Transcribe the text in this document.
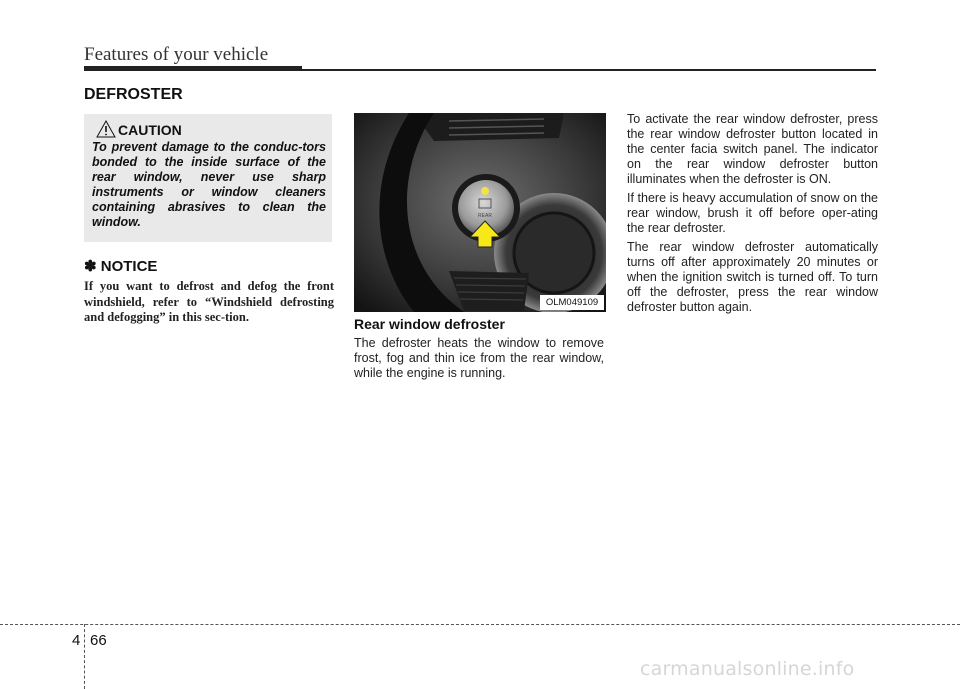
Features of your vehicle
DEFROSTER
CAUTION
To prevent damage to the conduc-tors bonded to the inside surface of the rear window, never use sharp instruments or window cleaners containing abrasives to clean the window.
✽ NOTICE
If you want to defrost and defog the front windshield, refer to “Windshield defrosting and defogging” in this sec-tion.
REAR
OLM049109
Rear window defroster
The defroster heats the window to remove frost, fog and thin ice from the rear window, while the engine is running.

To activate the rear window defroster, press the rear window defroster button located in the center facia switch panel. The indicator on the rear window defroster button illuminates when the defroster is ON.

If there is heavy accumulation of snow on the rear window, brush it off before oper-ating the rear defroster.

The rear window defroster automatically turns off after approximately 20 minutes or when the ignition switch is turned off. To turn off the defroster, press the rear window defroster button again.

4 66
carmanualsonline.info
